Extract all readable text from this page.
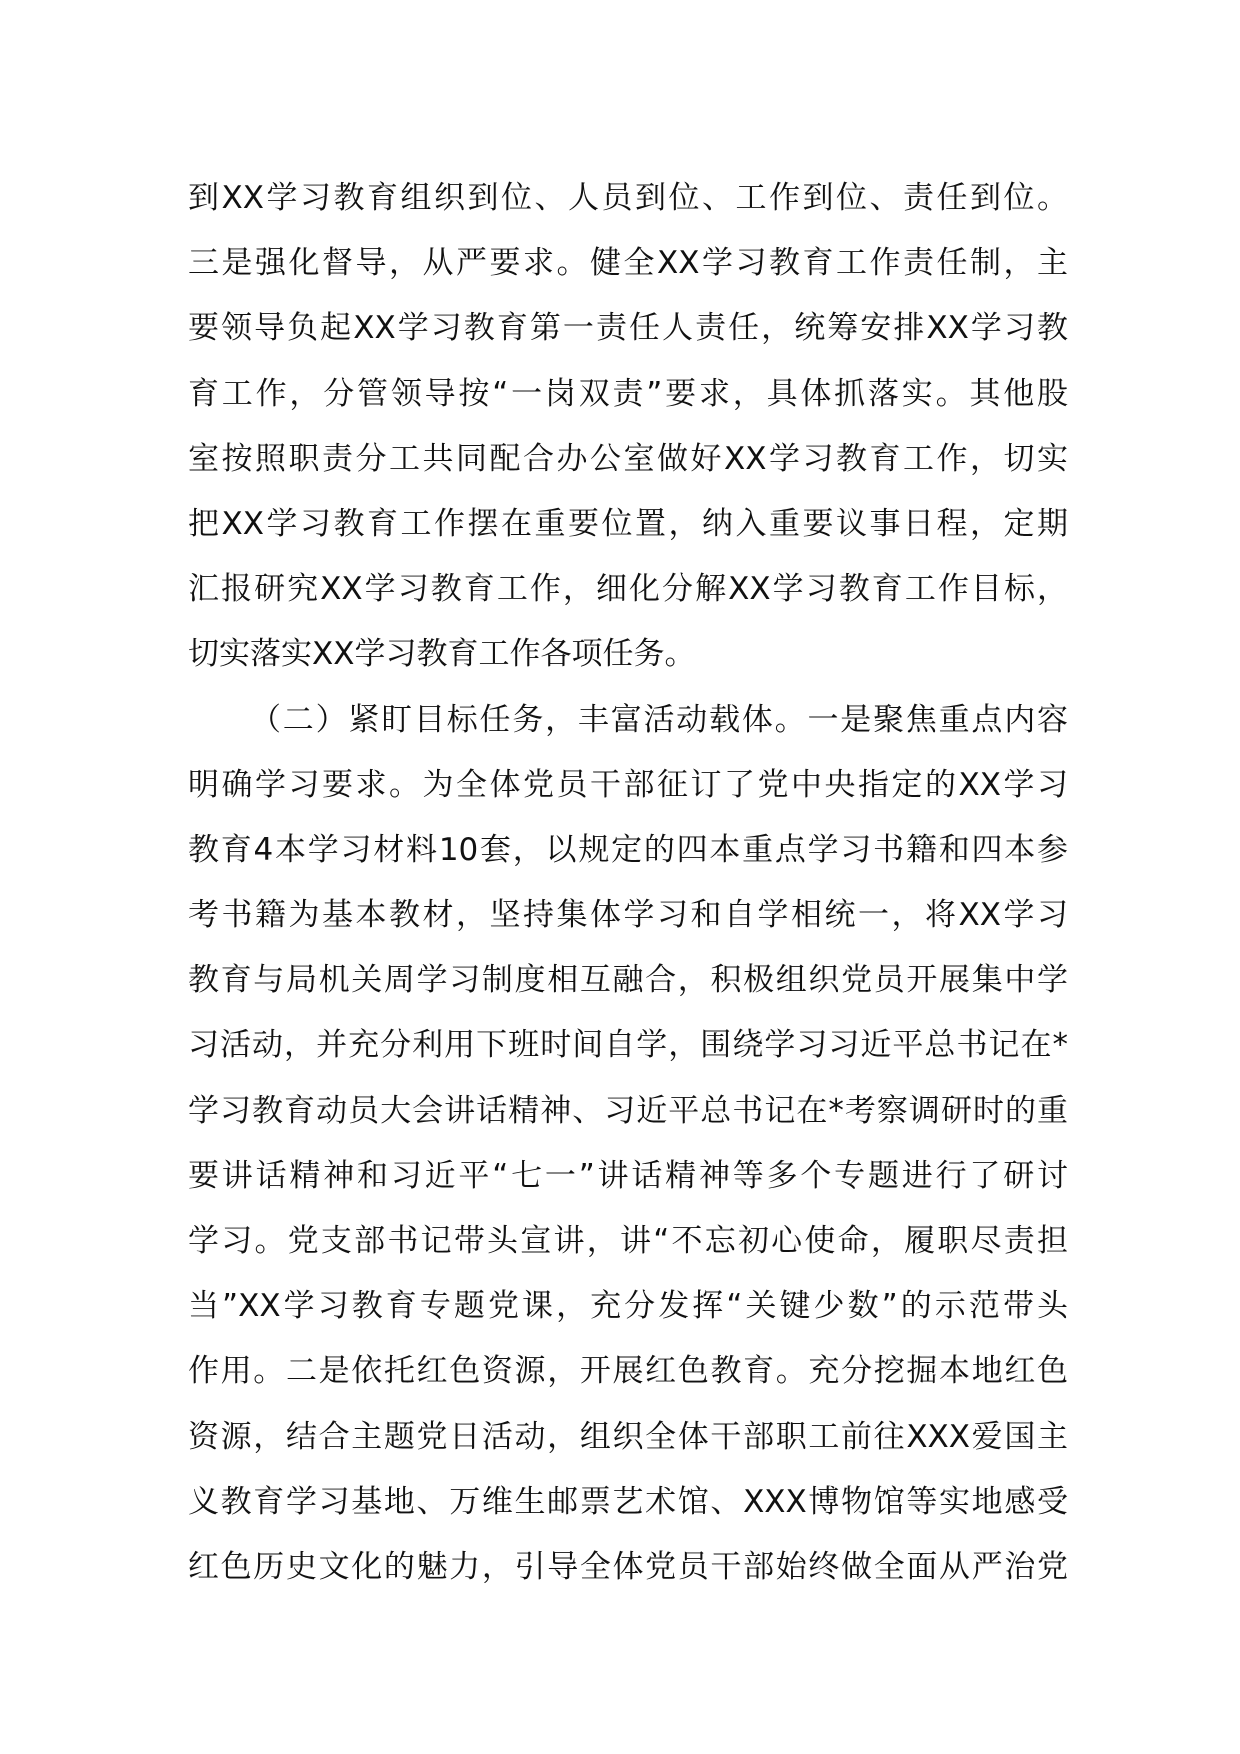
到XX学习教育组织到位、人员到位、工作到位、责任到位。
三是强化督导，从严要求。健全XX学习教育工作责任制，主
要领导负起XX学习教育第一责任人责任，统筹安排XX学习教
育工作，分管领导按“一岗双责”要求，具体抓落实。其他股
室按照职责分工共同配合办公室做好XX学习教育工作，切实
把XX学习教育工作摆在重要位置，纳入重要议事日程，定期
汇报研究XX学习教育工作，细化分解XX学习教育工作目标，
切实落实XX学习教育工作各项任务。
（二）紧盯目标任务，丰富活动载体。一是聚焦重点内容
明确学习要求。为全体党员干部征订了党中央指定的XX学习
教育4本学习材料10套，以规定的四本重点学习书籍和四本参
考书籍为基本教材，坚持集体学习和自学相统一，将XX学习
教育与局机关周学习制度相互融合，积极组织党员开展集中学
习活动，并充分利用下班时间自学，围绕学习习近平总书记在*
学习教育动员大会讲话精神、习近平总书记在*考察调研时的重
要讲话精神和习近平“七一”讲话精神等多个专题进行了研讨
学习。党支部书记带头宣讲，讲“不忘初心使命，履职尽责担
当”XX学习教育专题党课，充分发挥“关键少数”的示范带头
作用。二是依托红色资源，开展红色教育。充分挖掘本地红色
资源，结合主题党日活动，组织全体干部职工前往XXX爱国主
义教育学习基地、万维生邮票艺术馆、XXX博物馆等实地感受
红色历史文化的魅力，引导全体党员干部始终做全面从严治党
